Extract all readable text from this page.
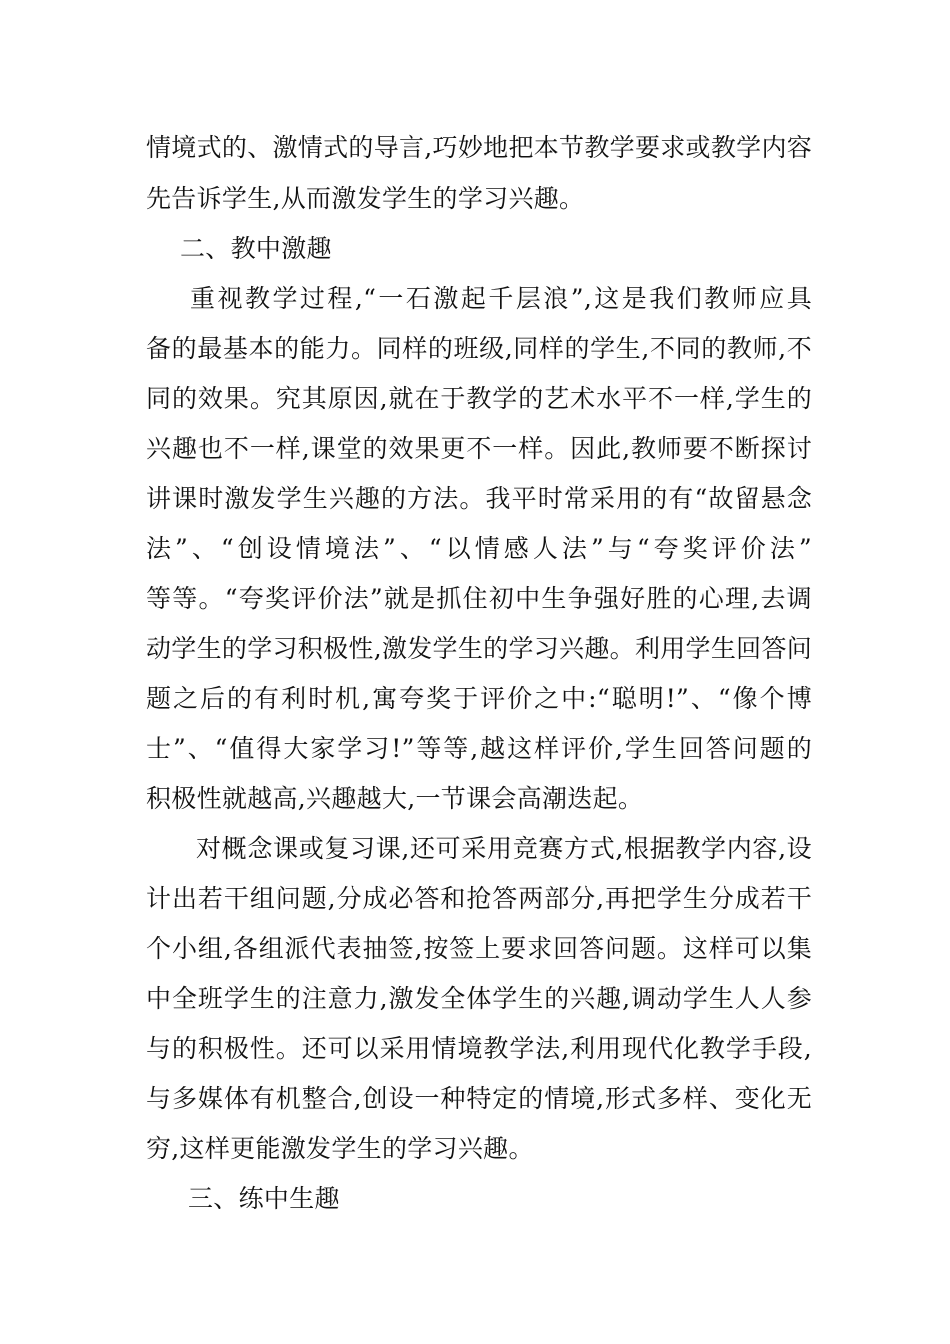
情境式的、激情式的导言,巧妙地把本节教学要求或教学内容
先告诉学生,从而激发学生的学习兴趣。
二、教中激趣
重视教学过程,“一石激起千层浪”,这是我们教师应具
备的最基本的能力。同样的班级,同样的学生,不同的教师,不
同的效果。究其原因,就在于教学的艺术水平不一样,学生的
兴趣也不一样,课堂的效果更不一样。因此,教师要不断探讨
讲课时激发学生兴趣的方法。我平时常采用的有“故留悬念
法”、“创设情境法”、“以情感人法”与“夸奖评价法”
等等。“夸奖评价法”就是抓住初中生争强好胜的心理,去调
动学生的学习积极性,激发学生的学习兴趣。利用学生回答问
题之后的有利时机,寓夸奖于评价之中:“聪明!”、“像个博
士”、“值得大家学习!”等等,越这样评价,学生回答问题的
积极性就越高,兴趣越大,一节课会高潮迭起。
对概念课或复习课,还可采用竞赛方式,根据教学内容,设
计出若干组问题,分成必答和抢答两部分,再把学生分成若干
个小组,各组派代表抽签,按签上要求回答问题。这样可以集
中全班学生的注意力,激发全体学生的兴趣,调动学生人人参
与的积极性。还可以采用情境教学法,利用现代化教学手段,
与多媒体有机整合,创设一种特定的情境,形式多样、变化无
穷,这样更能激发学生的学习兴趣。
三、练中生趣
